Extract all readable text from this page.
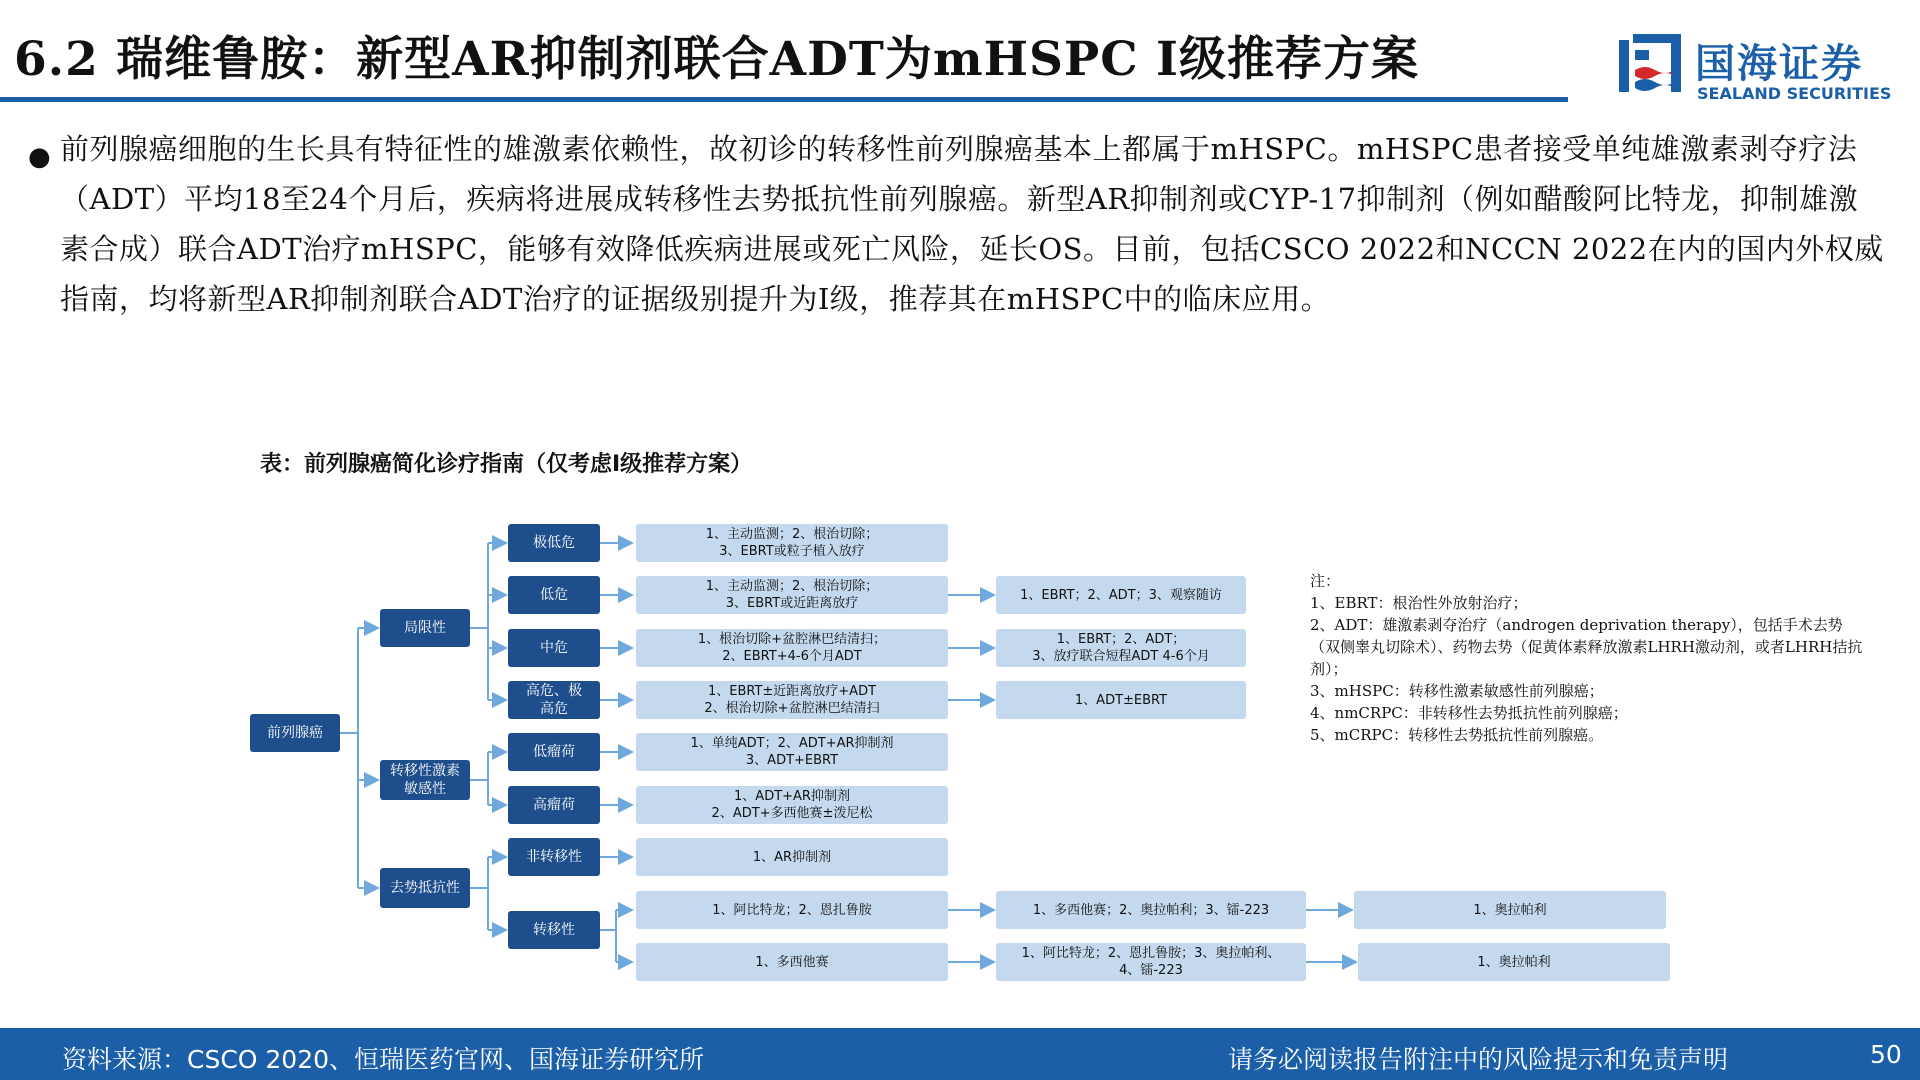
6.2 瑞维鲁胺：新型AR抑制剂联合ADT为mHSPC I级推荐方案	国海证券
SEALAND SECURITIES
● 前列腺癌细胞的生长具有特征性的雄激素依赖性，故初诊的转移性前列腺癌基本上都属于mHSPC。mHSPC患者接受单纯雄激素剥夺疗法（ADT）平均18至24个月后，疾病将进展成转移性去势抵抗性前列腺癌。新型AR抑制剂或CYP-17抑制剂（例如醋酸阿比特龙，抑制雄激素合成）联合ADT治疗mHSPC，能够有效降低疾病进展或死亡风险，延长OS。目前，包括CSCO 2022和NCCN 2022在内的国内外权威指南，均将新型AR抑制剂联合ADT治疗的证据级别提升为I级，推荐其在mHSPC中的临床应用。
表：前列腺癌简化诊疗指南（仅考虑I级推荐方案）
前列腺癌
局限性
转移性激素敏感性
去势抵抗性
极低危
低危
中危
高危、极高危
低瘤荷
高瘤荷
非转移性
转移性
1、主动监测；2、根治切除；
3、EBRT或粒子植入放疗
1、主动监测；2、根治切除；
3、EBRT或近距离放疗
1、根治切除+盆腔淋巴结清扫；
2、EBRT+4-6个月ADT
1、EBRT±近距离放疗+ADT
2、根治切除+盆腔淋巴结清扫
1、单纯ADT；2、ADT+AR抑制剂
3、ADT+EBRT
1、ADT+AR抑制剂
2、ADT+多西他赛±泼尼松
1、AR抑制剂
1、阿比特龙；2、恩扎鲁胺
1、多西他赛
1、EBRT；2、ADT；3、观察随访
1、EBRT；2、ADT；
3、放疗联合短程ADT 4-6个月
1、ADT±EBRT
1、多西他赛；2、奥拉帕利；3、镭-223
1、阿比特龙；2、恩扎鲁胺；3、奥拉帕利、
4、镭-223
1、奥拉帕利
1、奥拉帕利
注：
1、EBRT：根治性外放射治疗；
2、ADT：雄激素剥夺治疗（androgen deprivation therapy），包括手术去势（双侧睾丸切除术）、药物去势（促黄体素释放激素LHRH激动剂，或者LHRH拮抗剂）；
3、mHSPC：转移性激素敏感性前列腺癌；
4、nmCRPC：非转移性去势抵抗性前列腺癌；
5、mCRPC：转移性去势抵抗性前列腺癌。
资料来源：CSCO 2020、恒瑞医药官网、国海证券研究所	请务必阅读报告附注中的风险提示和免责声明	50
